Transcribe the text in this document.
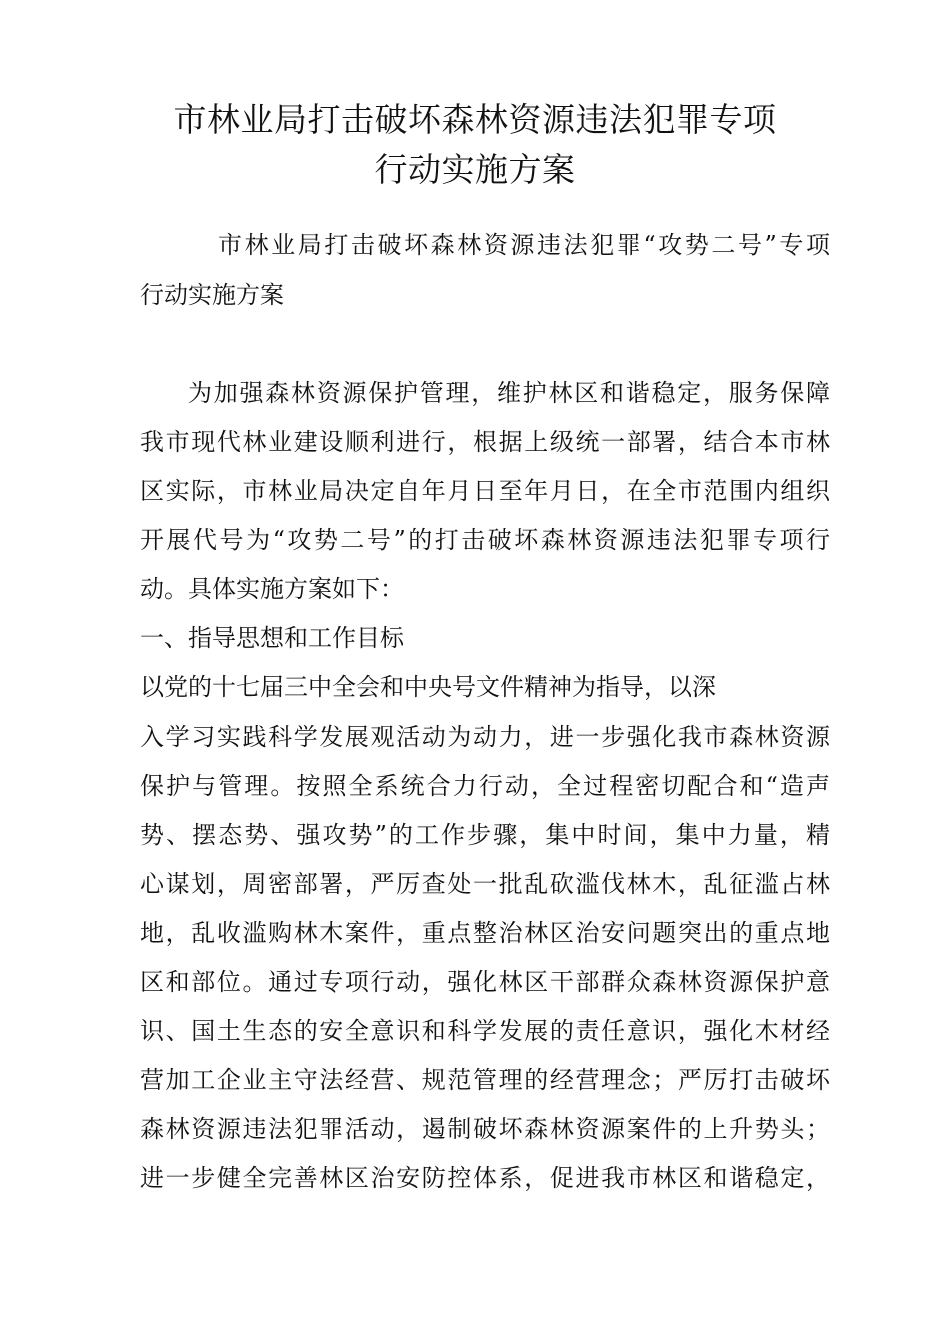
市林业局打击破坏森林资源违法犯罪专项
行动实施方案
市林业局打击破坏森林资源违法犯罪“攻势二号”专项
行动实施方案
为加强森林资源保护管理，维护林区和谐稳定，服务保障
我市现代林业建设顺利进行，根据上级统一部署，结合本市林
区实际，市林业局决定自年月日至年月日，在全市范围内组织
开展代号为“攻势二号”的打击破坏森林资源违法犯罪专项行
动。具体实施方案如下：
一、指导思想和工作目标
以党的十七届三中全会和中央号文件精神为指导，以深
入学习实践科学发展观活动为动力，进一步强化我市森林资源
保护与管理。按照全系统合力行动，全过程密切配合和“造声
势、摆态势、强攻势”的工作步骤，集中时间，集中力量，精
心谋划，周密部署，严厉查处一批乱砍滥伐林木，乱征滥占林
地，乱收滥购林木案件，重点整治林区治安问题突出的重点地
区和部位。通过专项行动，强化林区干部群众森林资源保护意
识、国土生态的安全意识和科学发展的责任意识，强化木材经
营加工企业主守法经营、规范管理的经营理念；严厉打击破坏
森林资源违法犯罪活动，遏制破坏森林资源案件的上升势头；
进一步健全完善林区治安防控体系，促进我市林区和谐稳定，
